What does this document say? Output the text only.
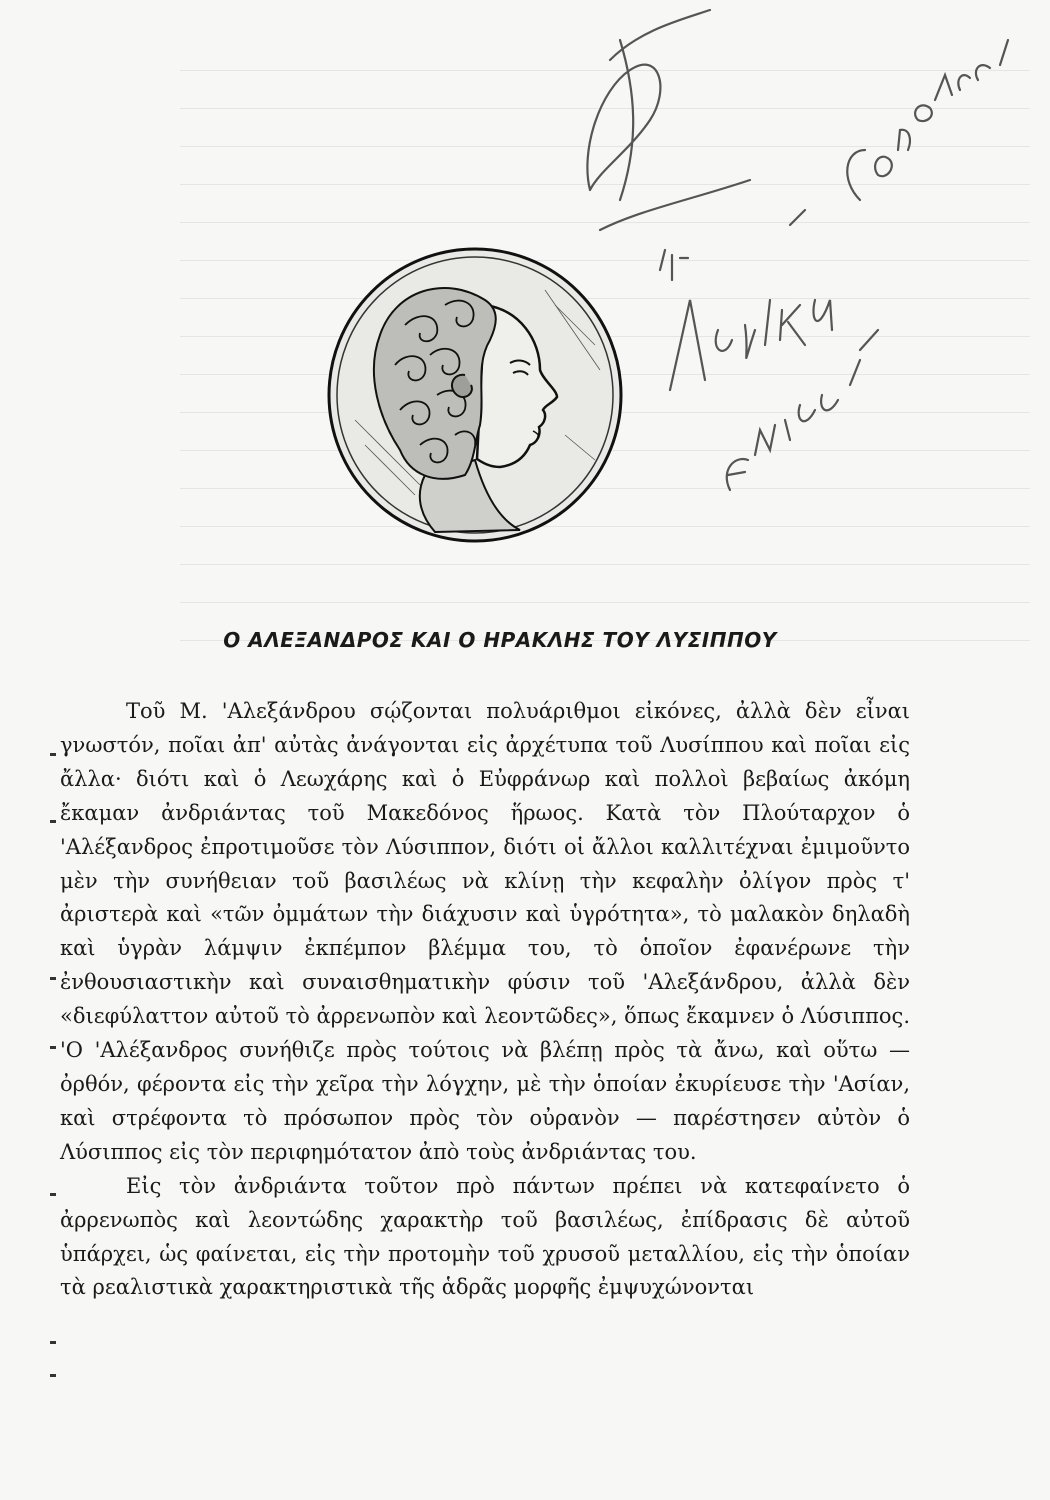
Ο ΑΛΕΞΑΝΔΡΟΣ ΚΑΙ Ο ΗΡΑΚΛΗΣ ΤΟΥ ΛΥΣΙΠΠΟΥ

Τοῦ Μ. 'Αλεξάνδρου σῴζονται πολυάριθμοι εἰκόνες, ἀλλὰ δὲν εἶναι γνωστόν, ποῖαι ἀπ' αὐτὰς ἀνάγονται εἰς ἀρχέτυπα τοῦ Λυσίππου καὶ ποῖαι εἰς ἄλλα· διότι καὶ ὁ Λεωχάρης καὶ ὁ Εὐφράνωρ καὶ πολλοὶ βεβαίως ἀκόμη ἔκαμαν ἀνδριάντας τοῦ Μακεδόνος ἥρωος. Κατὰ τὸν Πλούταρχον ὁ 'Αλέξανδρος ἐπροτιμοῦσε τὸν Λύσιππον, διότι οἱ ἄλλοι καλλιτέχναι ἐμιμοῦντο μὲν τὴν συνήθειαν τοῦ βασιλέως νὰ κλίνῃ τὴν κεφαλὴν ὀλίγον πρὸς τ' ἀριστερὰ καὶ «τῶν ὀμμάτων τὴν διάχυσιν καὶ ὑγρότητα», τὸ μαλακὸν δηλαδὴ καὶ ὑγρὰν λάμψιν ἐκπέμπον βλέμμα του, τὸ ὁποῖον ἐφανέρωνε τὴν ἐνθουσιαστικὴν καὶ συναισθηματικὴν φύσιν τοῦ 'Αλεξάνδρου, ἀλλὰ δὲν «διεφύλαττον αὐτοῦ τὸ ἀρρενωπὸν καὶ λεοντῶδες», ὅπως ἔκαμνεν ὁ Λύσιππος. 'Ο 'Αλέξανδρος συνήθιζε πρὸς τούτοις νὰ βλέπῃ πρὸς τὰ ἄνω, καὶ οὕτω — ὀρθόν, φέροντα εἰς τὴν χεῖρα τὴν λόγχην, μὲ τὴν ὁποίαν ἐκυρίευσε τὴν 'Ασίαν, καὶ στρέφοντα τὸ πρόσωπον πρὸς τὸν οὐρανὸν — παρέστησεν αὐτὸν ὁ Λύσιππος εἰς τὸν περιφημότατον ἀπὸ τοὺς ἀνδριάντας του.

Εἰς τὸν ἀνδριάντα τοῦτον πρὸ πάντων πρέπει νὰ κατεφαίνετο ὁ ἀρρενωπὸς καὶ λεοντώδης χαρακτὴρ τοῦ βασιλέως, ἐπίδρασις δὲ αὐτοῦ ὑπάρχει, ὡς φαίνεται, εἰς τὴν προτομὴν τοῦ χρυσοῦ μεταλλίου, εἰς τὴν ὁποίαν τὰ ρεαλιστικὰ χαρακτηριστικὰ τῆς ἁδρᾶς μορφῆς ἐμψυχώνονται
